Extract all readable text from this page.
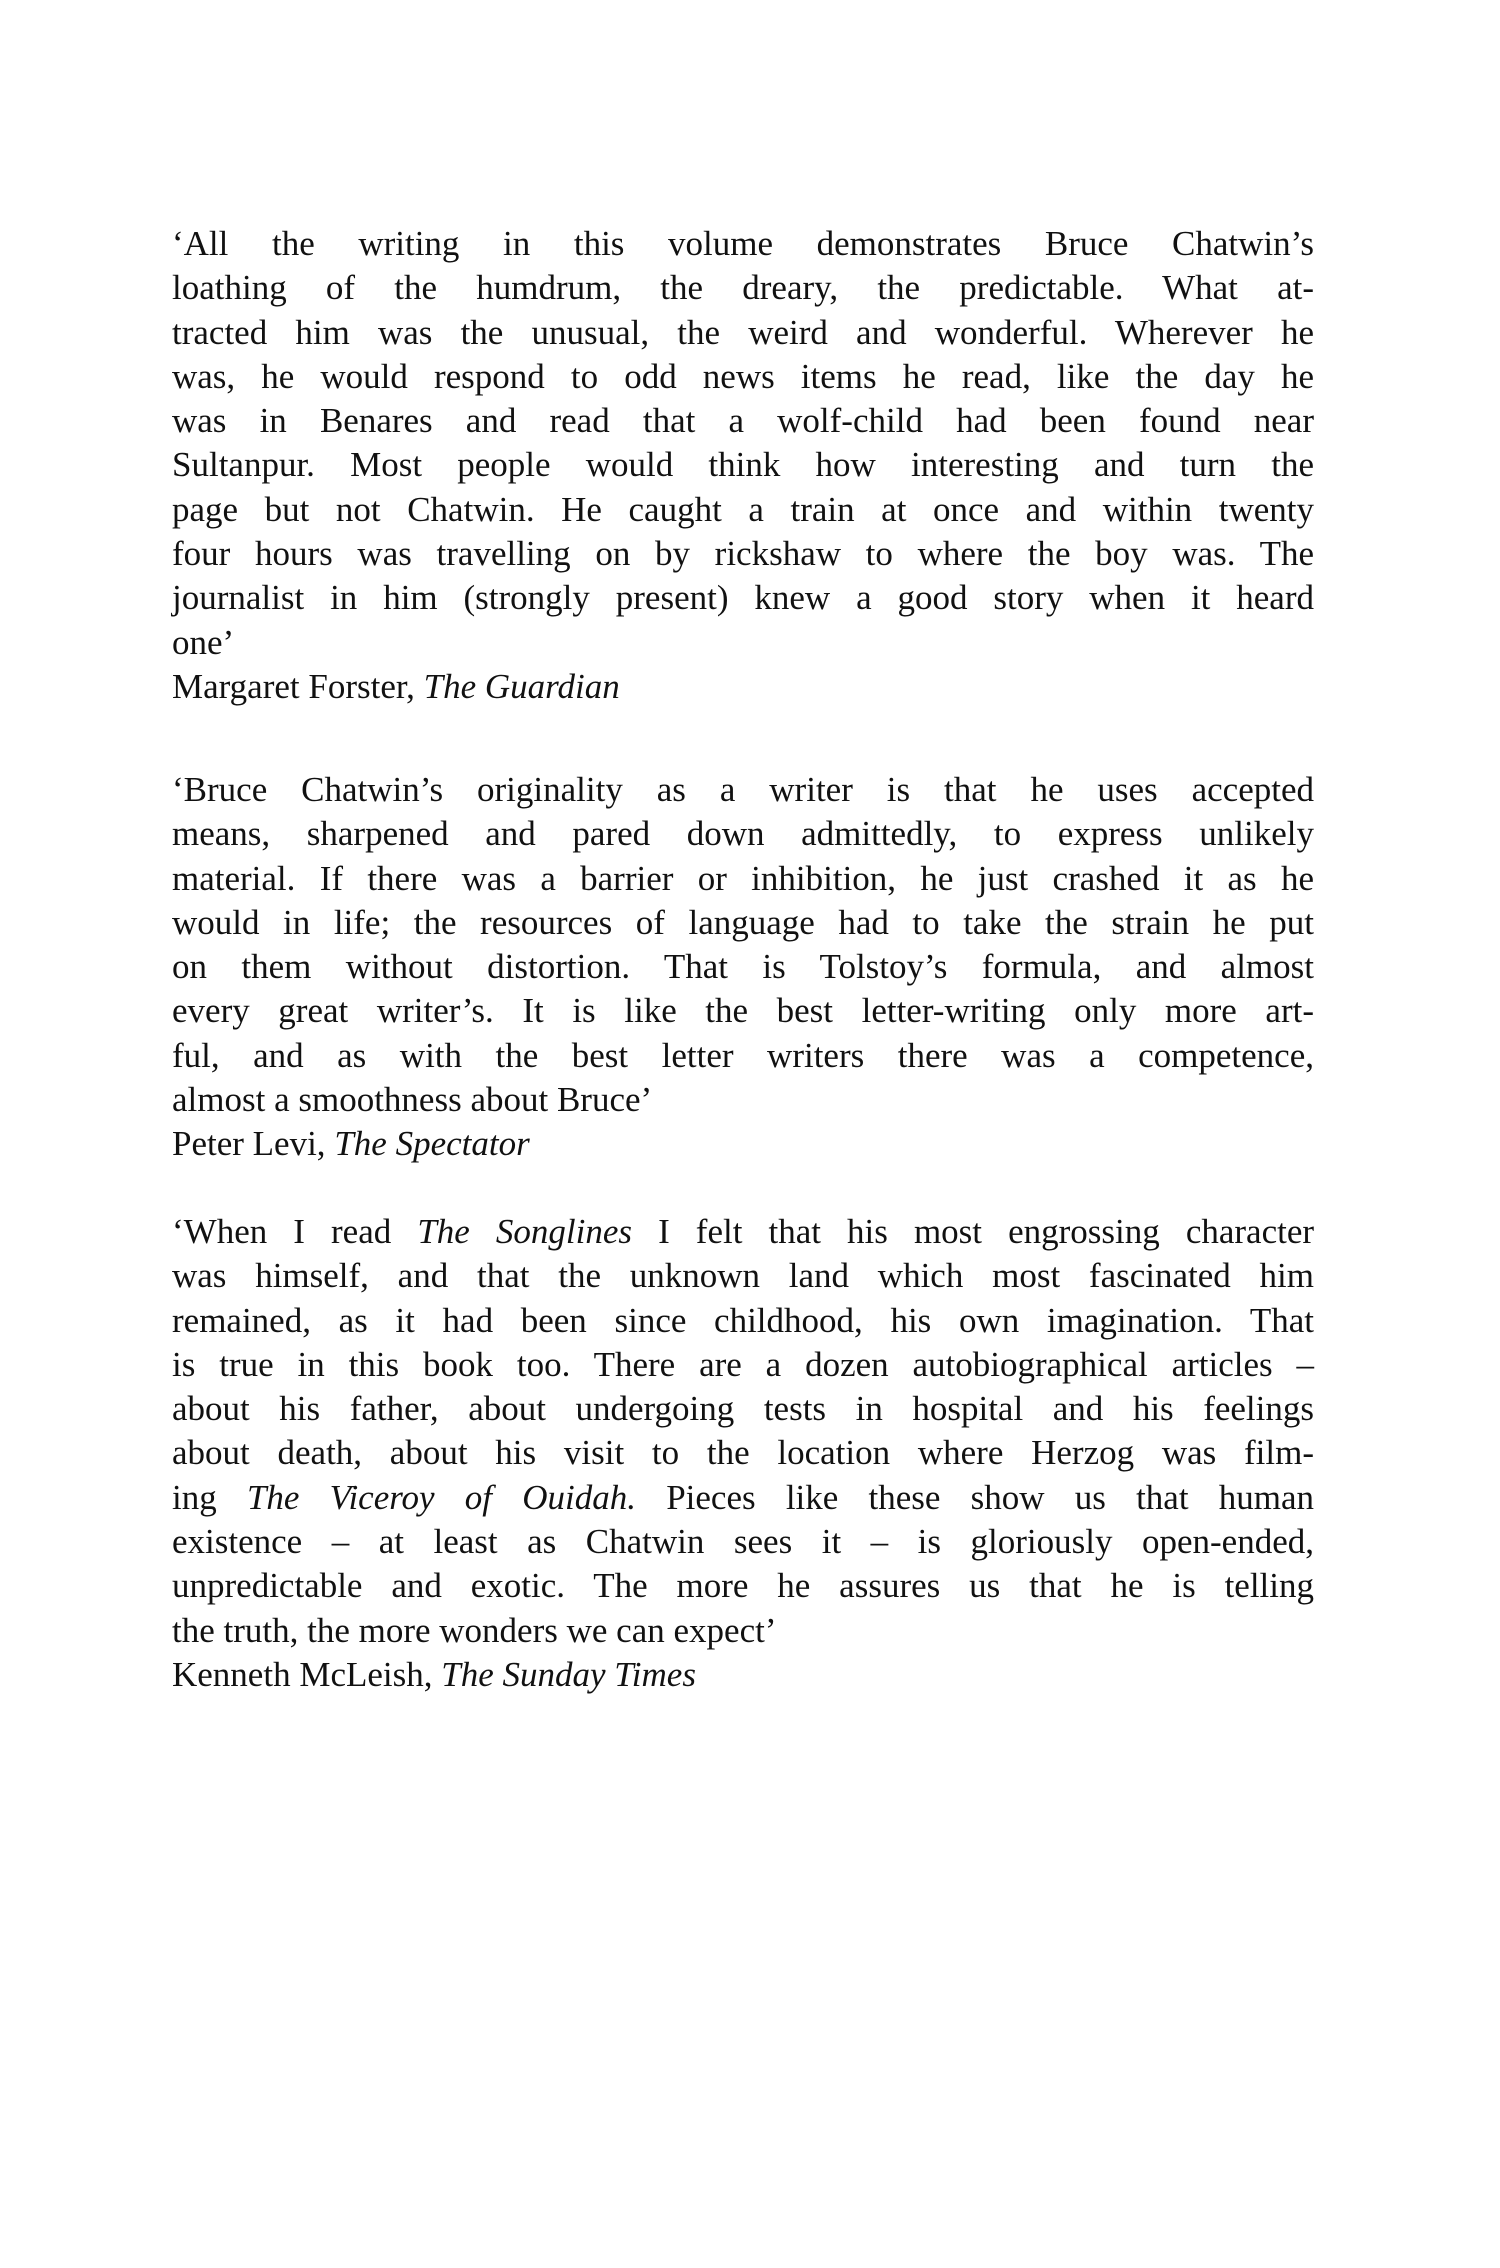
‘All the writing in this volume demonstrates Bruce Chatwin’s
loathing of the humdrum, the dreary, the predictable. What at-
tracted him was the unusual, the weird and wonderful. Wherever he
was, he would respond to odd news items he read, like the day he
was in Benares and read that a wolf-child had been found near
Sultanpur. Most people would think how interesting and turn the
page but not Chatwin. He caught a train at once and within twenty
four hours was travelling on by rickshaw to where the boy was. The
journalist in him (strongly present) knew a good story when it heard
one’
Margaret Forster, The Guardian
‘Bruce Chatwin’s originality as a writer is that he uses accepted
means, sharpened and pared down admittedly, to express unlikely
material. If there was a barrier or inhibition, he just crashed it as he
would in life; the resources of language had to take the strain he put
on them without distortion. That is Tolstoy’s formula, and almost
every great writer’s. It is like the best letter-writing only more art-
ful, and as with the best letter writers there was a competence,
almost a smoothness about Bruce’
Peter Levi, The Spectator
‘When I read The Songlines I felt that his most engrossing character
was himself, and that the unknown land which most fascinated him
remained, as it had been since childhood, his own imagination. That
is true in this book too. There are a dozen autobiographical articles –
about his father, about undergoing tests in hospital and his feelings
about death, about his visit to the location where Herzog was film-
ing The Viceroy of Ouidah. Pieces like these show us that human
existence – at least as Chatwin sees it – is gloriously open-ended,
unpredictable and exotic. The more he assures us that he is telling
the truth, the more wonders we can expect’
Kenneth McLeish, The Sunday Times
